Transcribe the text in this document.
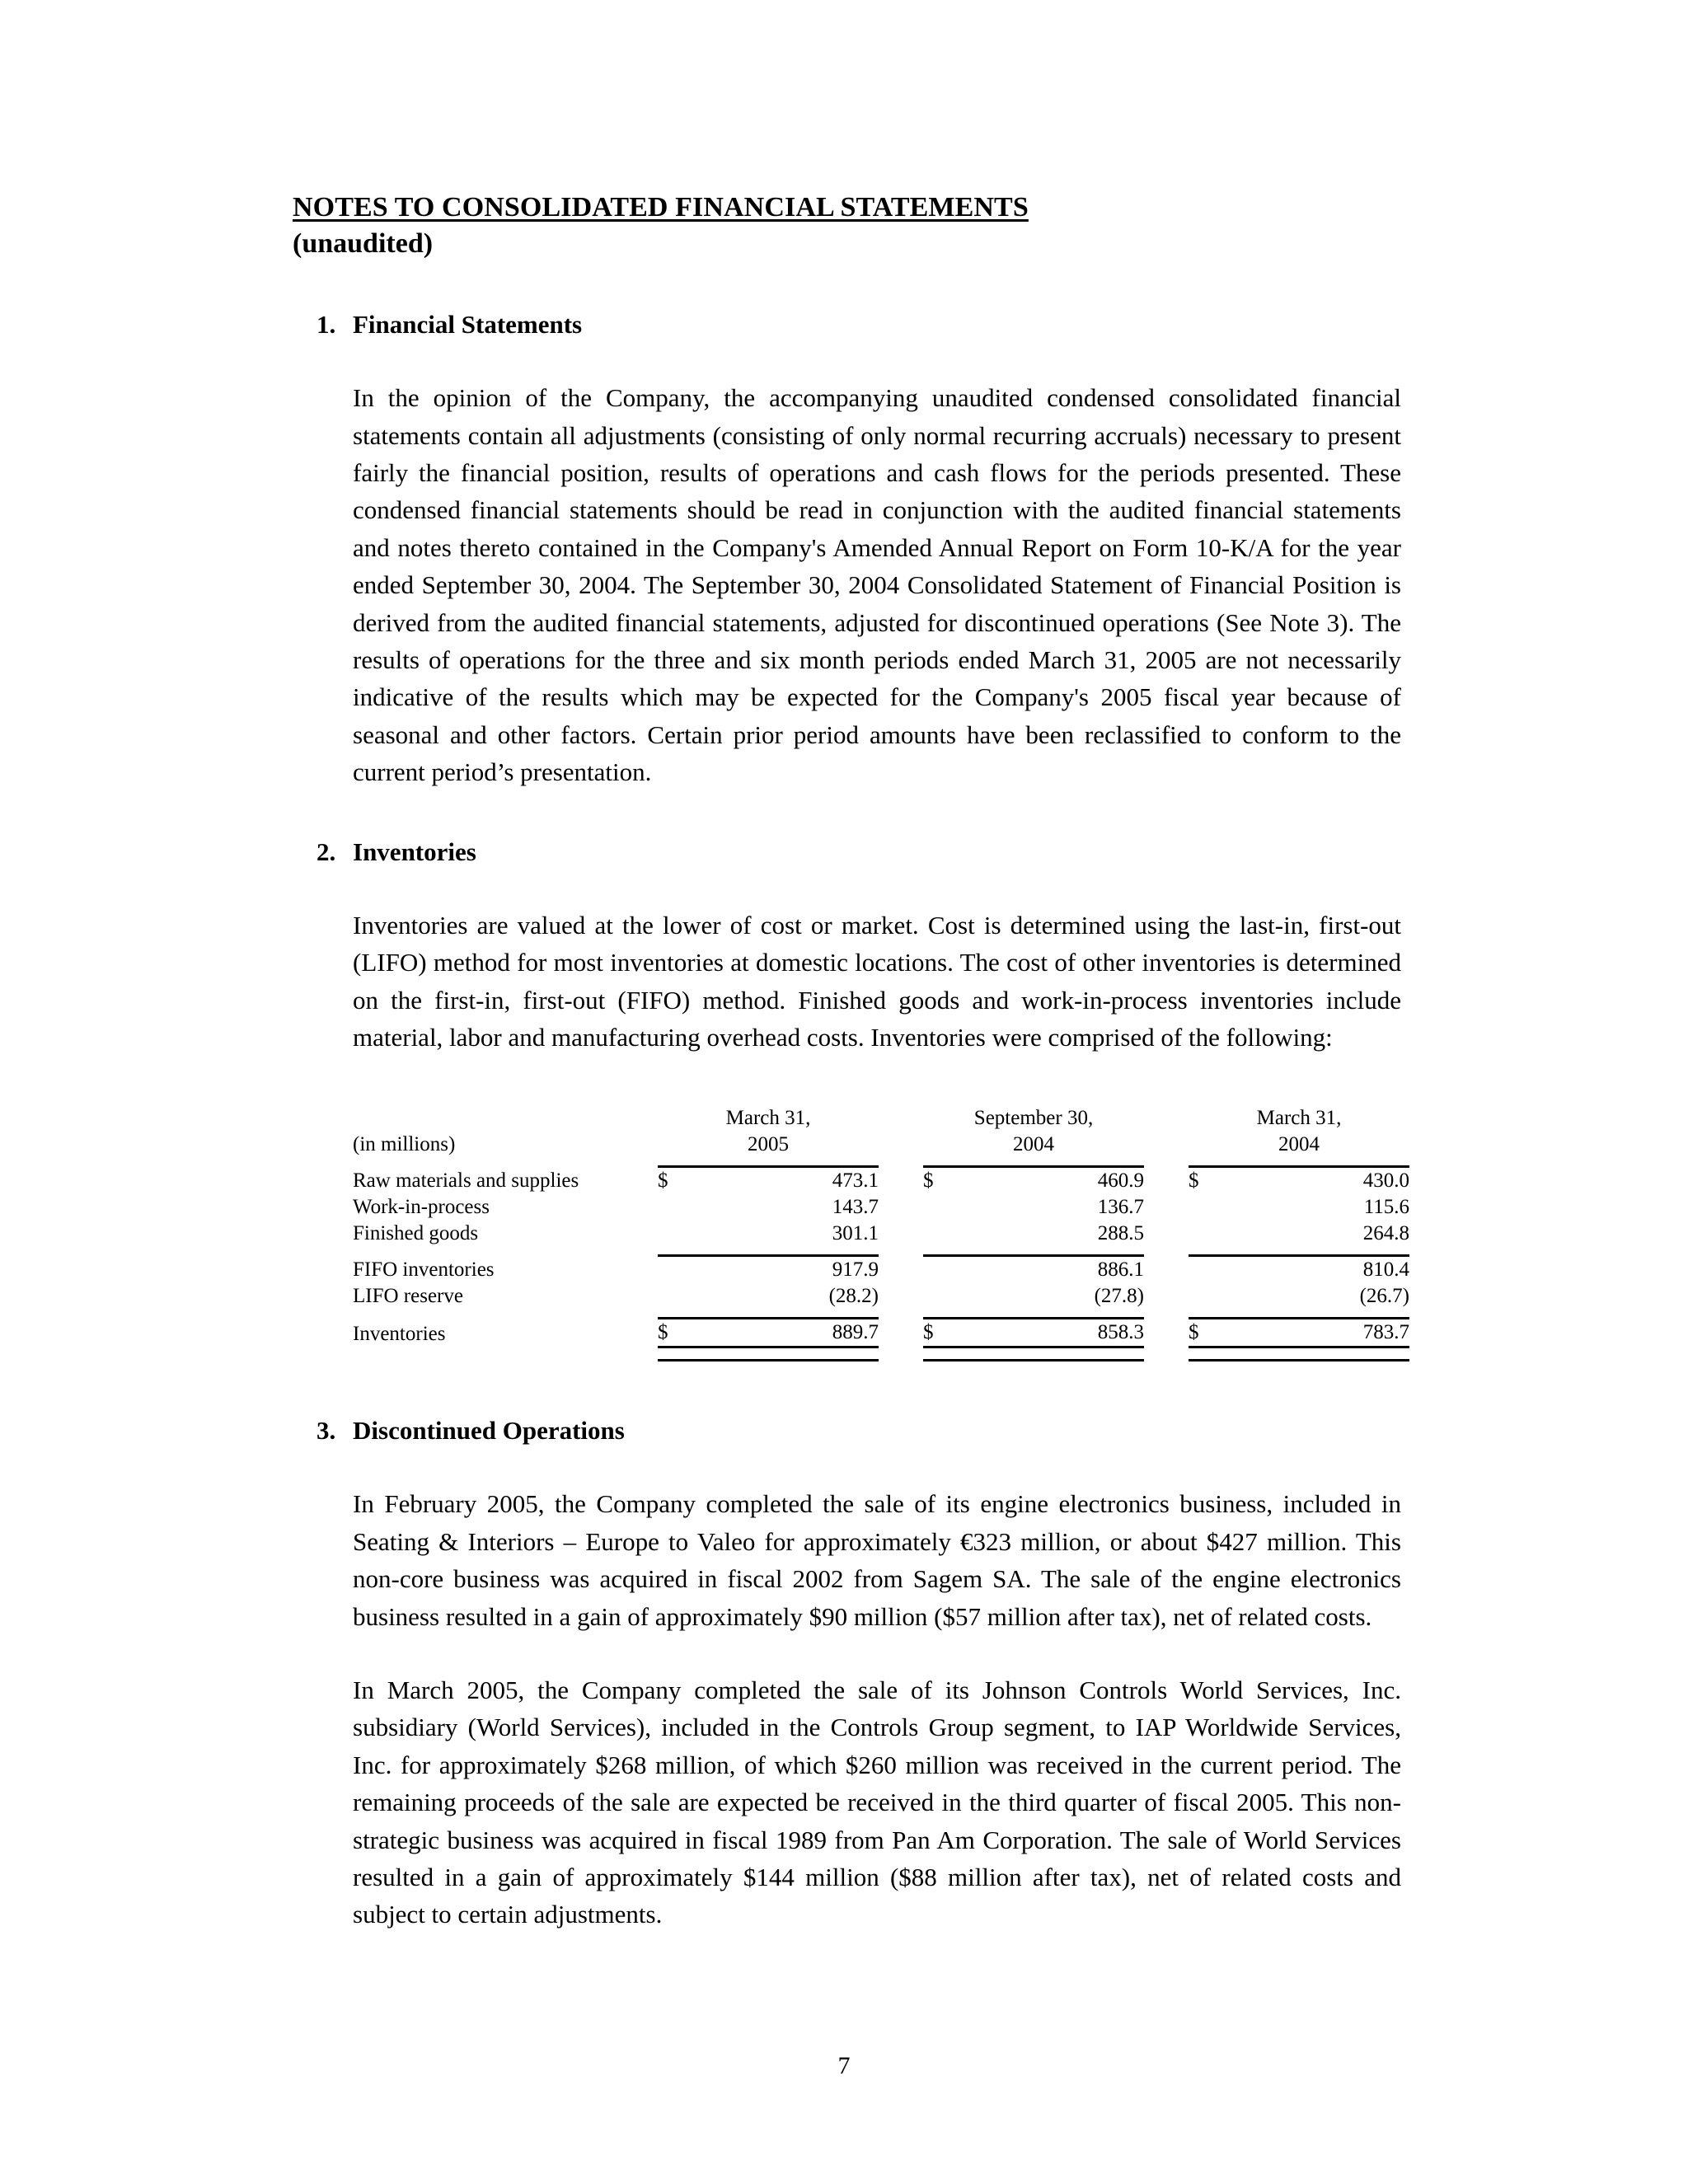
NOTES TO CONSOLIDATED FINANCIAL STATEMENTS
(unaudited)
1. Financial Statements

In the opinion of the Company, the accompanying unaudited condensed consolidated financial statements contain all adjustments (consisting of only normal recurring accruals) necessary to present fairly the financial position, results of operations and cash flows for the periods presented. These condensed financial statements should be read in conjunction with the audited financial statements and notes thereto contained in the Company's Amended Annual Report on Form 10-K/A for the year ended September 30, 2004. The September 30, 2004 Consolidated Statement of Financial Position is derived from the audited financial statements, adjusted for discontinued operations (See Note 3). The results of operations for the three and six month periods ended March 31, 2005 are not necessarily indicative of the results which may be expected for the Company's 2005 fiscal year because of seasonal and other factors. Certain prior period amounts have been reclassified to conform to the current period’s presentation.

2. Inventories

Inventories are valued at the lower of cost or market. Cost is determined using the last-in, first-out (LIFO) method for most inventories at domestic locations. The cost of other inventories is determined on the first-in, first-out (FIFO) method. Finished goods and work-in-process inventories include material, labor and manufacturing overhead costs. Inventories were comprised of the following:

	March 31,			September 30,			March 31,	
(in millions)	2005			2004			2004	

Raw materials and supplies	$	473.1		$	460.9		$	430.0
Work-in-process		143.7			136.7			115.6
Finished goods		301.1			288.5			264.8

FIFO inventories		917.9			886.1			810.4
LIFO reserve		(28.2)			(27.8)			(26.7)

Inventories	$	889.7		$	858.3		$	783.7

3. Discontinued Operations

In February 2005, the Company completed the sale of its engine electronics business, included in Seating & Interiors – Europe to Valeo for approximately €323 million, or about $427 million. This non-core business was acquired in fiscal 2002 from Sagem SA. The sale of the engine electronics business resulted in a gain of approximately $90 million ($57 million after tax), net of related costs.

In March 2005, the Company completed the sale of its Johnson Controls World Services, Inc. subsidiary (World Services), included in the Controls Group segment, to IAP Worldwide Services, Inc. for approximately $268 million, of which $260 million was received in the current period. The remaining proceeds of the sale are expected be received in the third quarter of fiscal 2005. This non-strategic business was acquired in fiscal 1989 from Pan Am Corporation. The sale of World Services resulted in a gain of approximately $144 million ($88 million after tax), net of related costs and subject to certain adjustments.

7
